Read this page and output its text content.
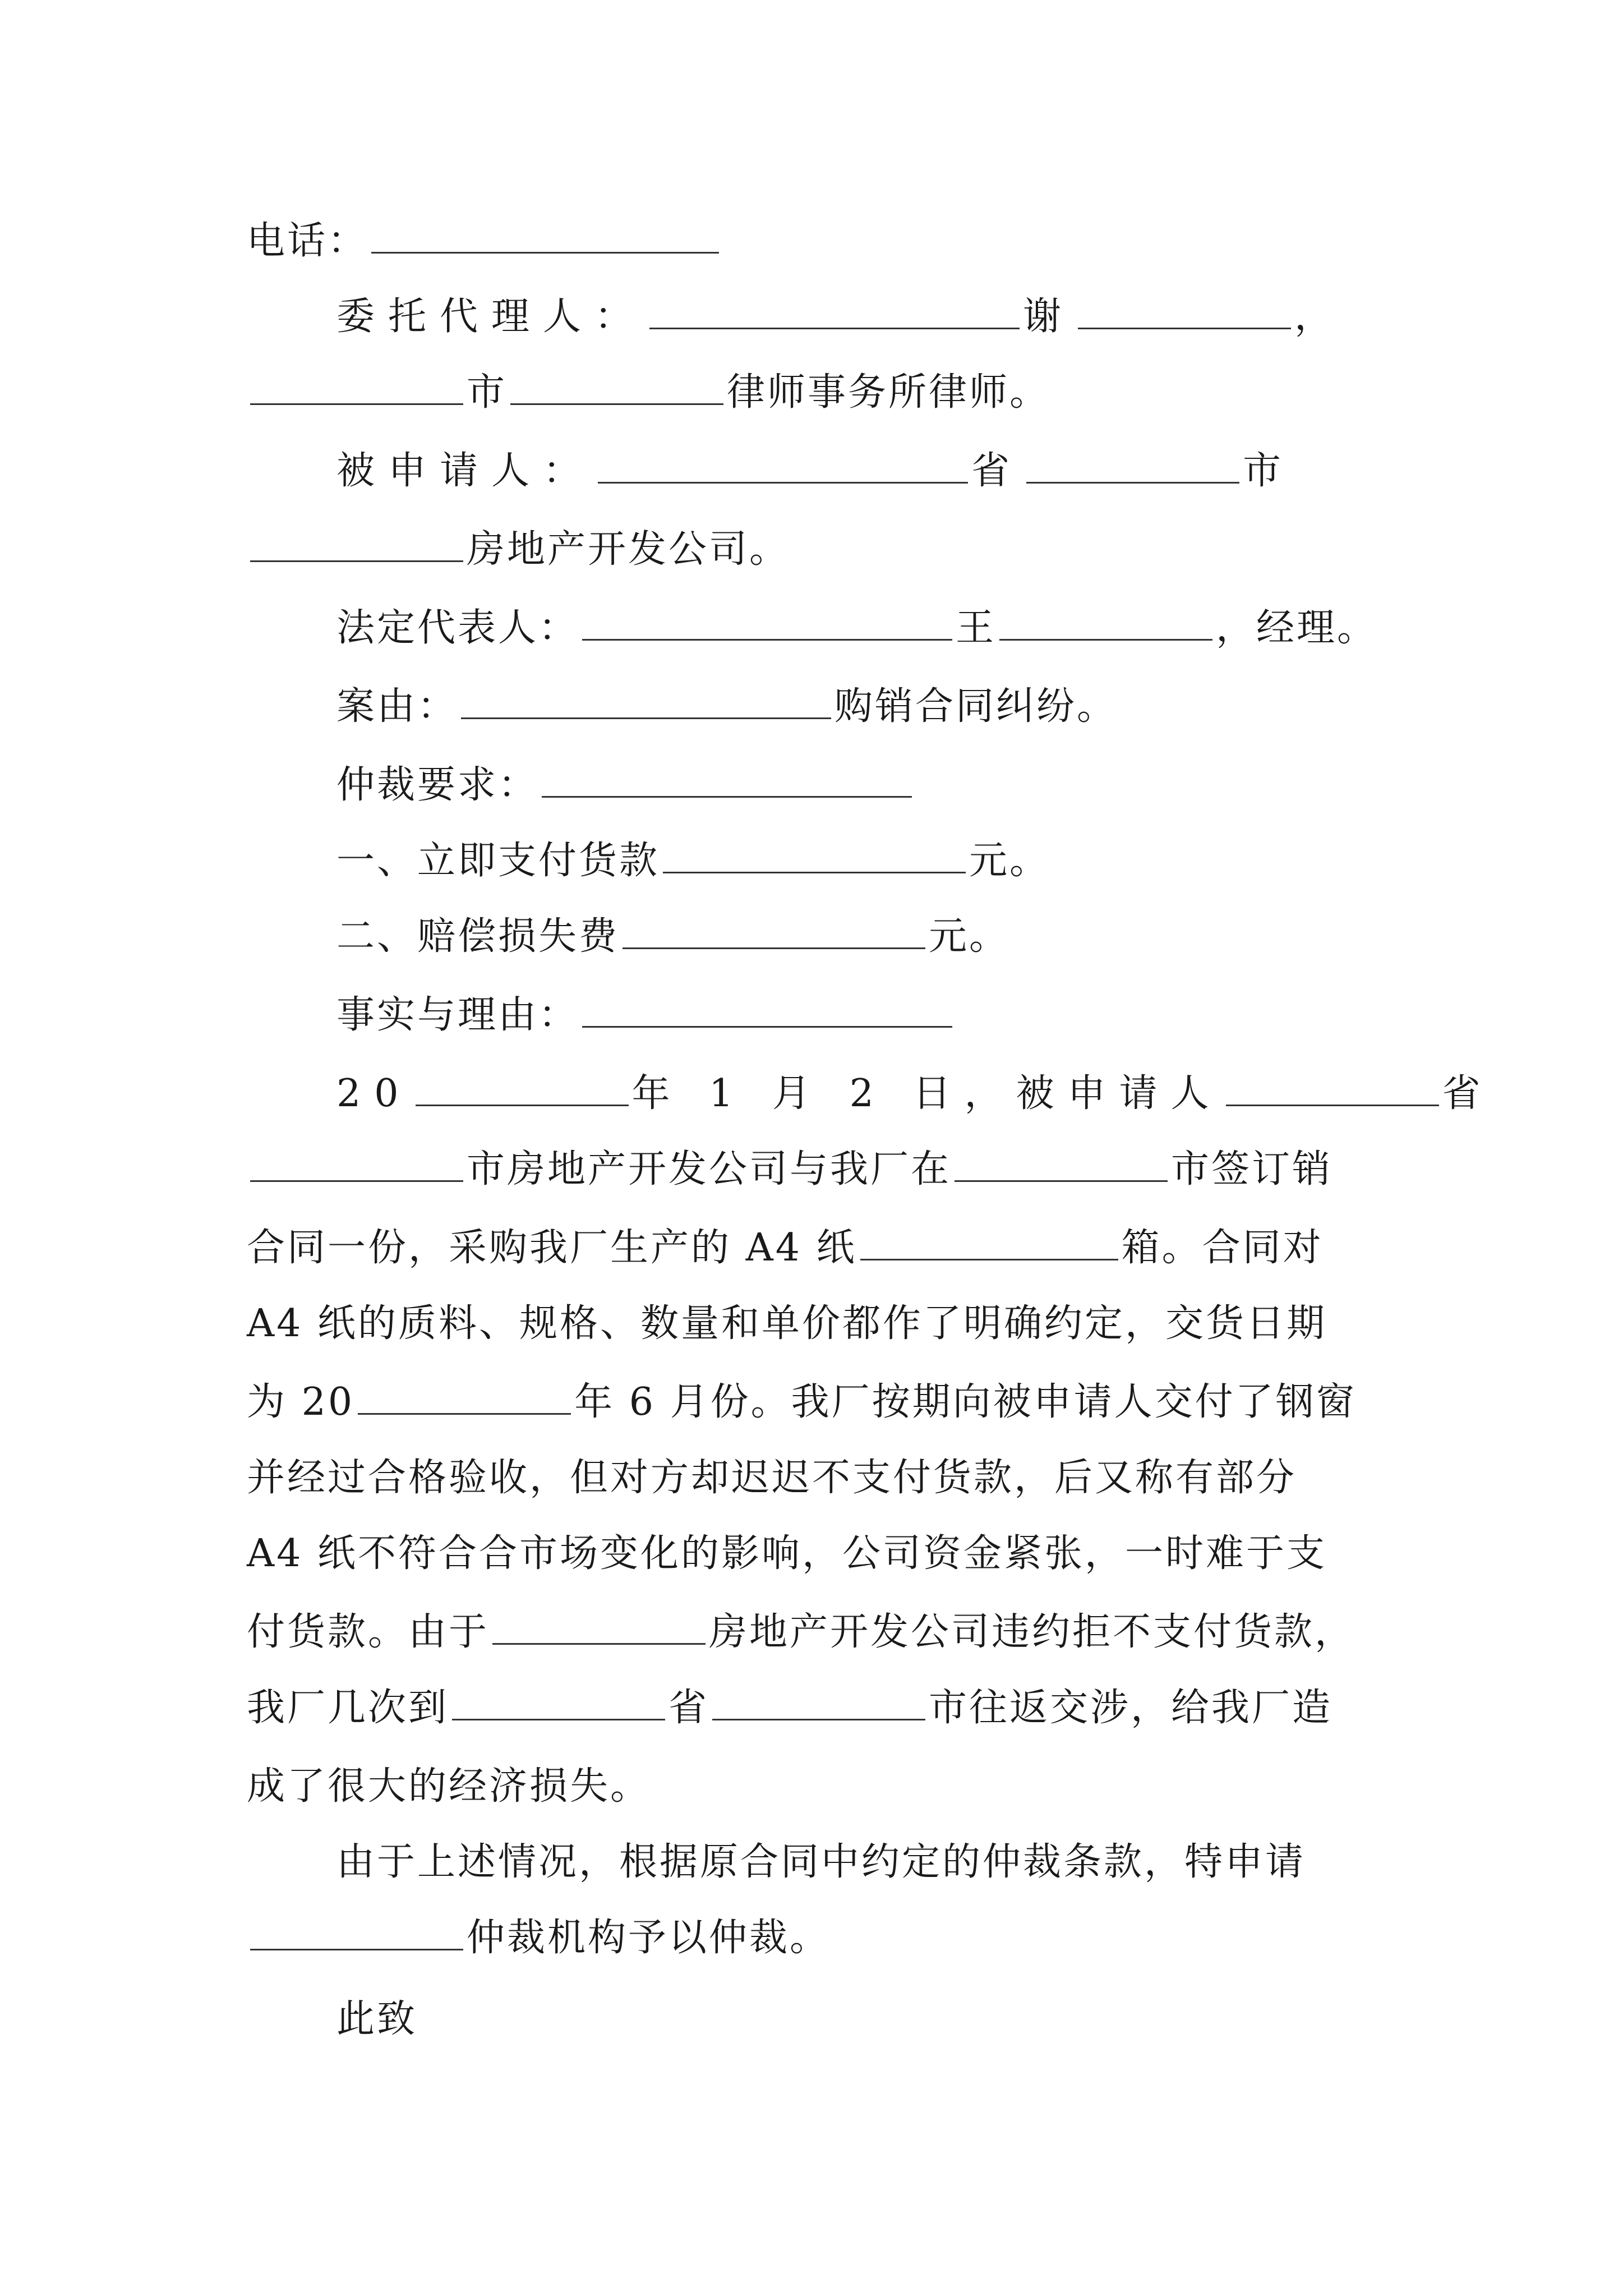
电话：
委托代理人：	谢	，
市	律师事务所律师。
被申请人：	省	市
房地产开发公司。
法定代表人：	王	，经理。
案由：	购销合同纠纷。
仲裁要求：
一、立即支付货款	元。
二、赔偿损失费	元。
事实与理由：
20	年 1 月 2 日，被申请人	省
市房地产开发公司与我厂在	市签订销
合同一份，采购我厂生产的 A4 纸	箱。合同对
A4 纸的质料、规格、数量和单价都作了明确约定，交货日期
为 20	年 6 月份。我厂按期向被申请人交付了钢窗
并经过合格验收，但对方却迟迟不支付货款，后又称有部分
A4 纸不符合合市场变化的影响，公司资金紧张，一时难于支
付货款。由于	房地产开发公司违约拒不支付货款，
我厂几次到	省	市往返交涉，给我厂造
成了很大的经济损失。
由于上述情况，根据原合同中约定的仲裁条款，特申请
仲裁机构予以仲裁。
此致
